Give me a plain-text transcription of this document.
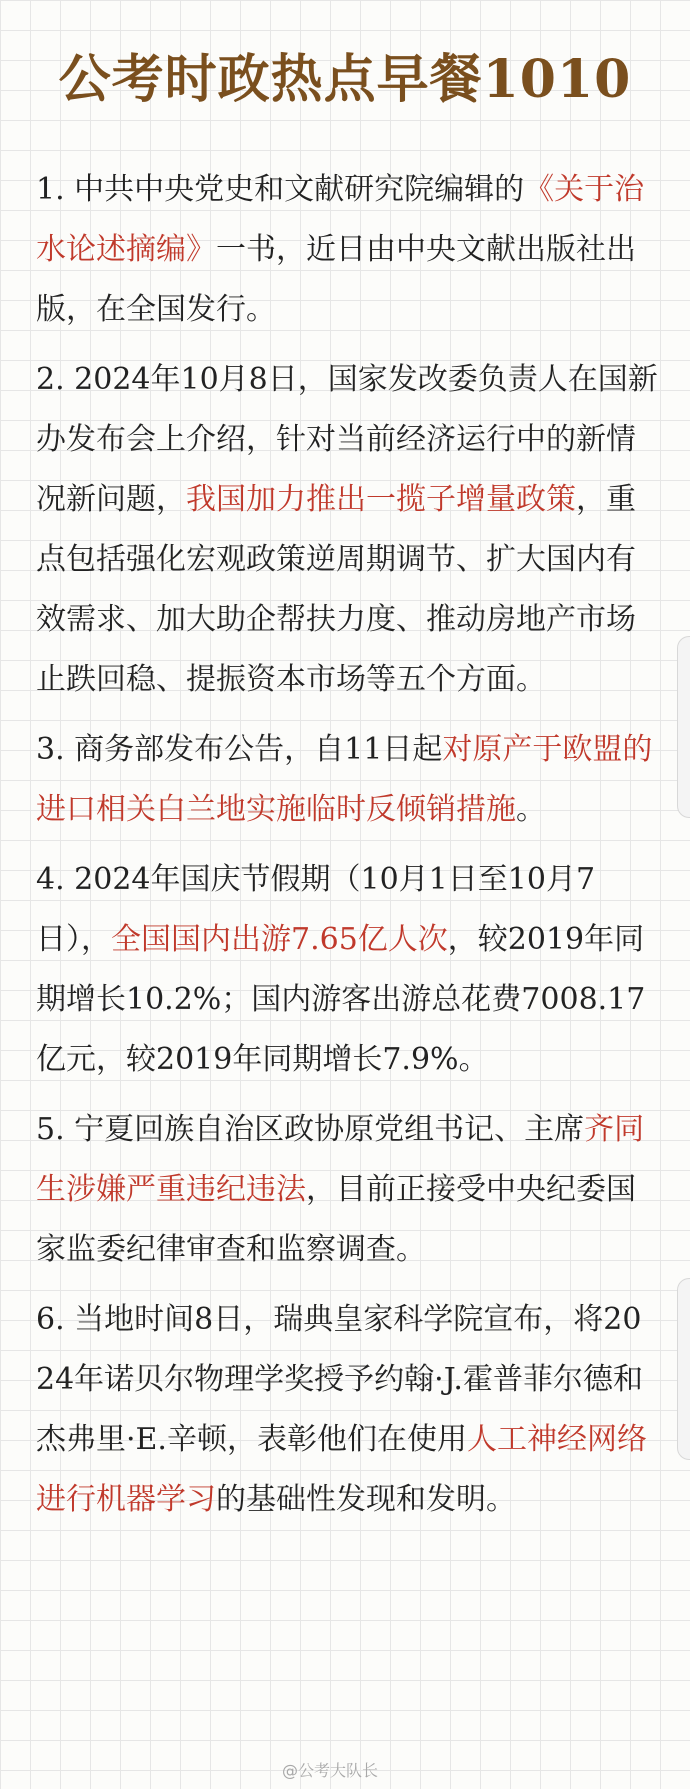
公考时政热点早餐1010

1. 中共中央党史和文献研究院编辑的《关于治水论述摘编》一书，近日由中央文献出版社出版，在全国发行。

2. 2024年10月8日，国家发改委负责人在国新办发布会上介绍，针对当前经济运行中的新情况新问题，我国加力推出一揽子增量政策，重点包括强化宏观政策逆周期调节、扩大国内有效需求、加大助企帮扶力度、推动房地产市场止跌回稳、提振资本市场等五个方面。

3. 商务部发布公告，自11日起对原产于欧盟的进口相关白兰地实施临时反倾销措施。

4. 2024年国庆节假期（10月1日至10月7日），全国国内出游7.65亿人次，较2019年同期增长10.2%；国内游客出游总花费7008.17亿元，较2019年同期增长7.9%。

5. 宁夏回族自治区政协原党组书记、主席齐同生涉嫌严重违纪违法，目前正接受中央纪委国家监委纪律审查和监察调查。

6. 当地时间8日，瑞典皇家科学院宣布，将2024年诺贝尔物理学奖授予约翰·J.霍普菲尔德和杰弗里·E.辛顿，表彰他们在使用人工神经网络进行机器学习的基础性发现和发明。

@公考大队长
